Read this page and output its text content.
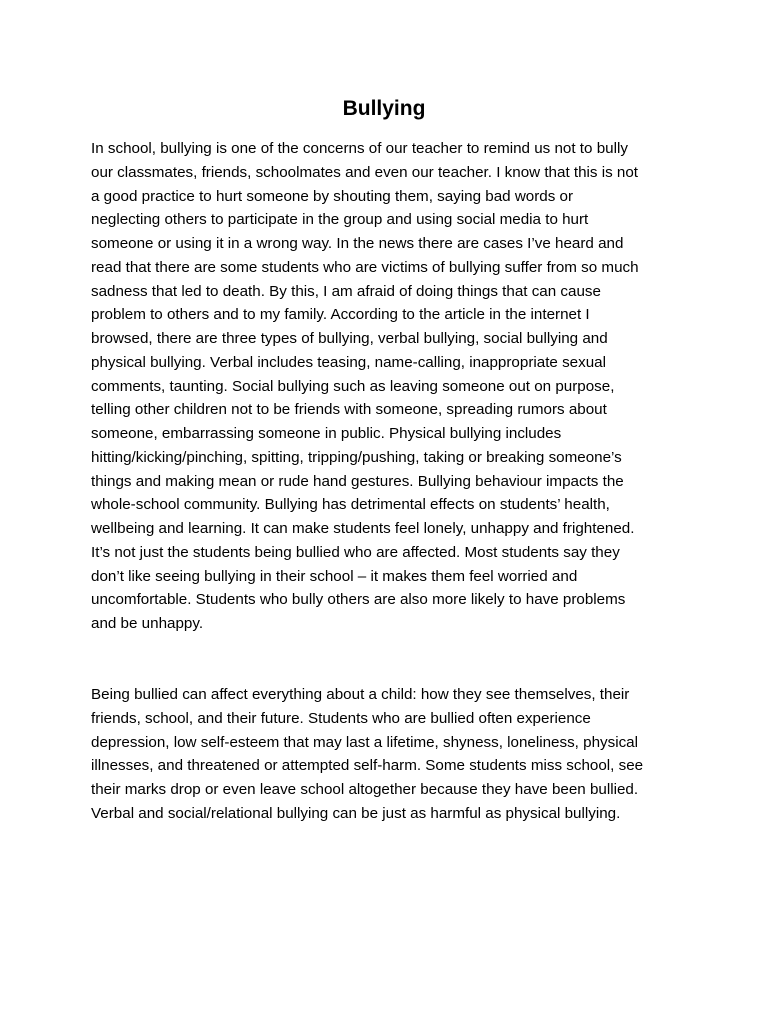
Bullying

In school, bullying is one of the concerns of our teacher to remind us not to bully
our classmates, friends, schoolmates and even our teacher. I know that this is not
a good practice to hurt someone by shouting them, saying bad words or
neglecting others to participate in the group and using social media to hurt
someone or using it in a wrong way. In the news there are cases I’ve heard and
read that there are some students who are victims of bullying suffer from so much
sadness that led to death. By this, I am afraid of doing things that can cause
problem to others and to my family. According to the article in the internet I
browsed, there are three types of bullying, verbal bullying, social bullying and
physical bullying. Verbal includes teasing, name-calling, inappropriate sexual
comments, taunting. Social bullying such as leaving someone out on purpose,
telling other children not to be friends with someone, spreading rumors about
someone, embarrassing someone in public. Physical bullying includes
hitting/kicking/pinching, spitting, tripping/pushing, taking or breaking someone’s
things and making mean or rude hand gestures. Bullying behaviour impacts the
whole-school community. Bullying has detrimental effects on students’ health,
wellbeing and learning. It can make students feel lonely, unhappy and frightened.
It’s not just the students being bullied who are affected. Most students say they
don’t like seeing bullying in their school – it makes them feel worried and
uncomfortable. Students who bully others are also more likely to have problems
and be unhappy.

Being bullied can affect everything about a child: how they see themselves, their
friends, school, and their future. Students who are bullied often experience
depression, low self-esteem that may last a lifetime, shyness, loneliness, physical
illnesses, and threatened or attempted self-harm. Some students miss school, see
their marks drop or even leave school altogether because they have been bullied.
Verbal and social/relational bullying can be just as harmful as physical bullying.
